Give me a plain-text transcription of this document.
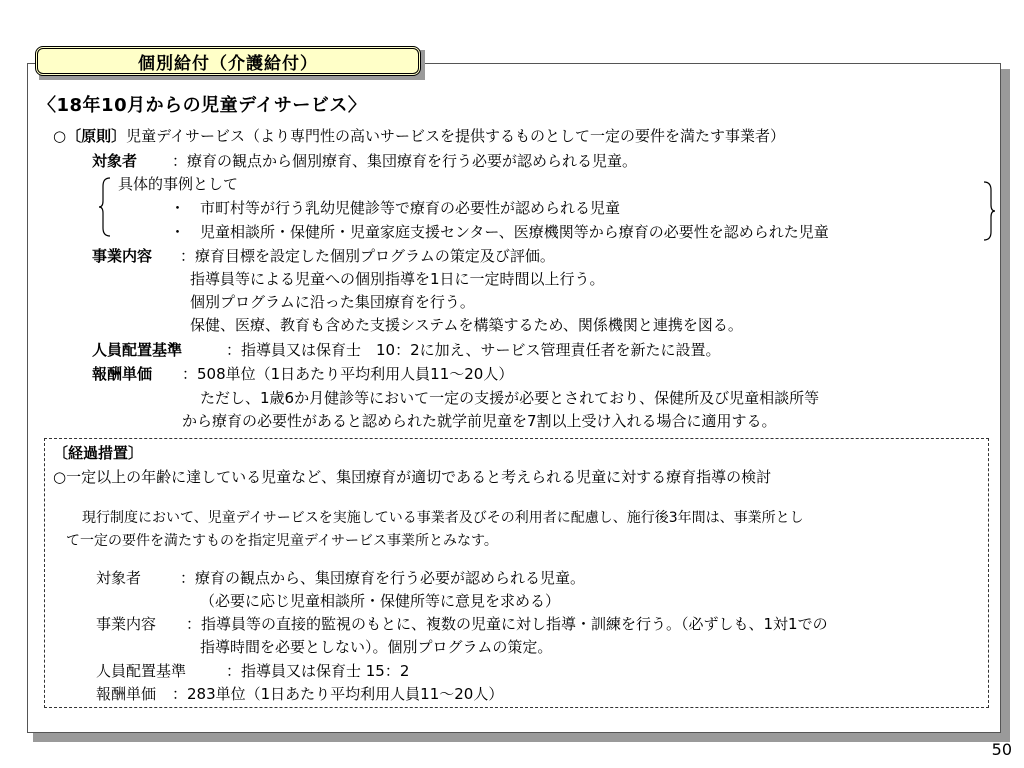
個別給付（介護給付）
〈18年10月からの児童デイサービス〉
○〔原則〕児童デイサービス（より専門性の高いサービスを提供するものとして一定の要件を満たす事業者）
対象者 ：療育の観点から個別療育、集団療育を行う必要が認められる児童。
具体的事例として
・　市町村等が行う乳幼児健診等で療育の必要性が認められる児童
・　児童相談所・保健所・児童家庭支援センター、医療機関等から療育の必要性を認められた児童
事業内容 ：療育目標を設定した個別プログラムの策定及び評価。
指導員等による児童への個別指導を1日に一定時間以上行う。
個別プログラムに沿った集団療育を行う。
保健、医療、教育も含めた支援システムを構築するため、関係機関と連携を図る。
人員配置基準	：指導員又は保育士　10：2に加え、サービス管理責任者を新たに設置。
報酬単価 ：508単位（1日あたり平均利用人員11～20人）
ただし、1歳6か月健診等において一定の支援が必要とされており、保健所及び児童相談所等
から療育の必要性があると認められた就学前児童を7割以上受け入れる場合に適用する。
〔経過措置〕
○一定以上の年齢に達している児童など、集団療育が適切であると考えられる児童に対する療育指導の検討
現行制度において、児童デイサービスを実施している事業者及びその利用者に配慮し、施行後3年間は、事業所とし
て一定の要件を満たすものを指定児童デイサービス事業所とみなす。
対象者	：療育の観点から、集団療育を行う必要が認められる児童。
（必要に応じ児童相談所・保健所等に意見を求める）
事業内容 ：指導員等の直接的監視のもとに、複数の児童に対し指導・訓練を行う。（必ずしも、1対1での
指導時間を必要としない）。個別プログラムの策定。
人員配置基準	：指導員又は保育士 15：2
報酬単価 ：283単位（1日あたり平均利用人員11～20人）
50
